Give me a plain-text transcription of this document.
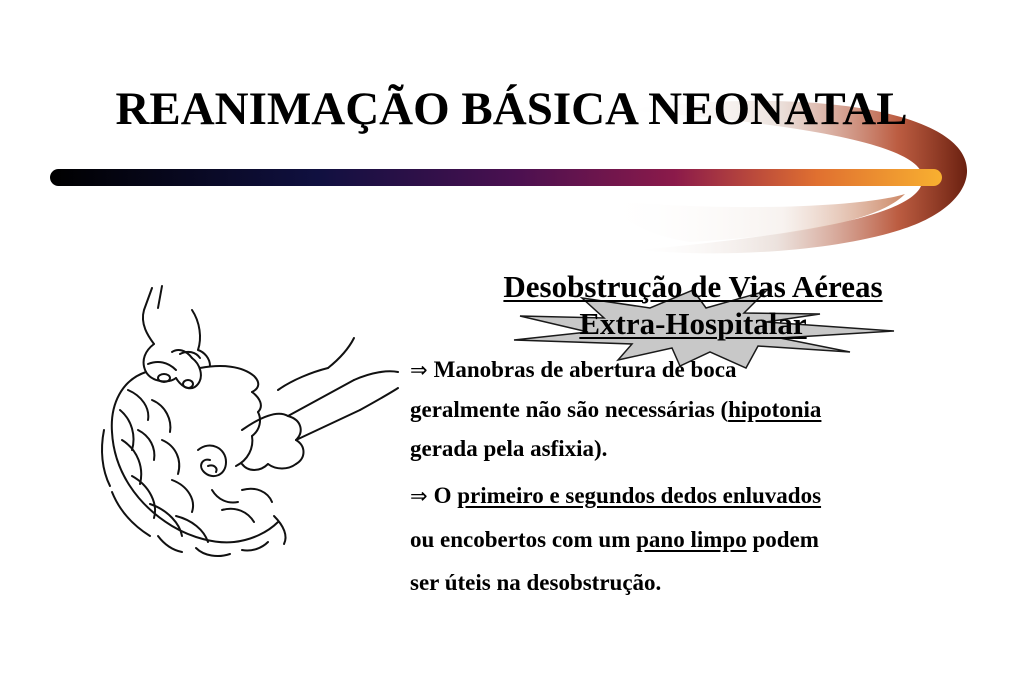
REANIMAÇÃO BÁSICA NEONATAL
Desobstrução de Vias Aéreas
Extra-Hospitalar

⇒ Manobras de abertura de boca
geralmente não são necessárias (hipotonia
gerada pela asfixia).

⇒ O primeiro e segundos dedos enluvados
ou encobertos com um pano limpo podem
ser úteis na desobstrução.
